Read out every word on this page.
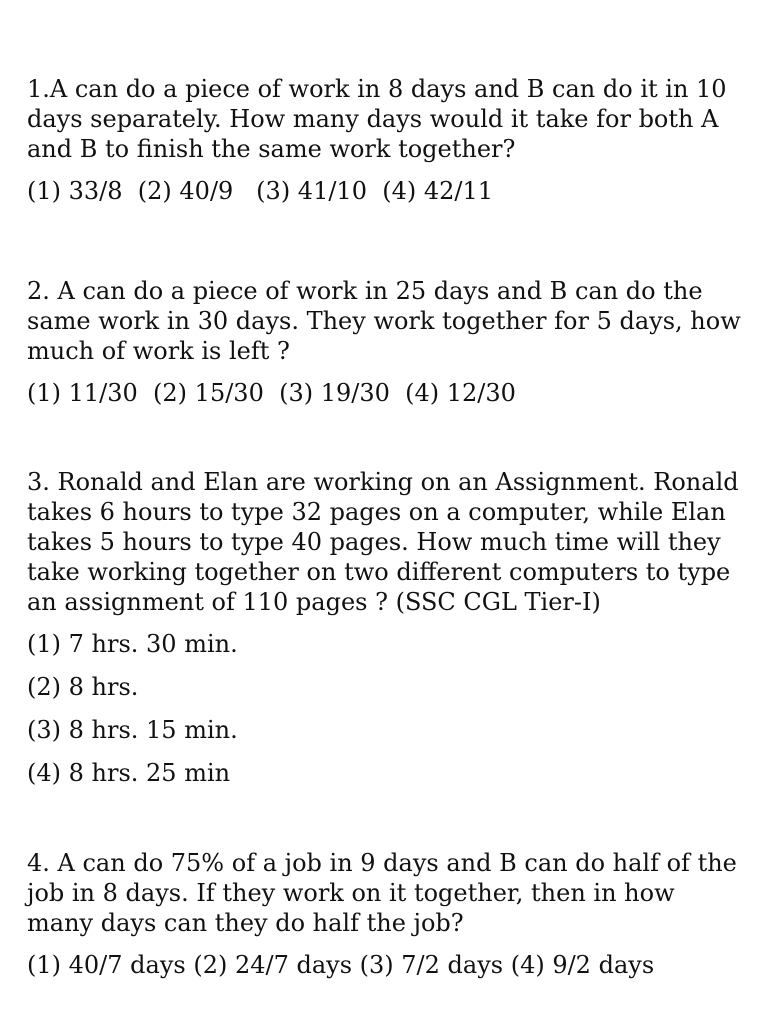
1.A can do a piece of work in 8 days and B can do it in 10 days separately. How many days would it take for both A and B to finish the same work together?

(1) 33/8  (2) 40/9   (3) 41/10  (4) 42/11

2. A can do a piece of work in 25 days and B can do the same work in 30 days. They work together for 5 days, how much of work is left ?

(1) 11/30  (2) 15/30  (3) 19/30  (4) 12/30

3. Ronald and Elan are working on an Assignment. Ronald takes 6 hours to type 32 pages on a computer, while Elan takes 5 hours to type 40 pages. How much time will they take working together on two different computers to type an assignment of 110 pages ? (SSC CGL Tier-I)

(1) 7 hrs. 30 min.

(2) 8 hrs.

(3) 8 hrs. 15 min.

(4) 8 hrs. 25 min

4. A can do 75% of a job in 9 days and B can do half of the job in 8 days. If they work on it together, then in how many days can they do half the job?

(1) 40/7 days (2) 24/7 days (3) 7/2 days (4) 9/2 days
